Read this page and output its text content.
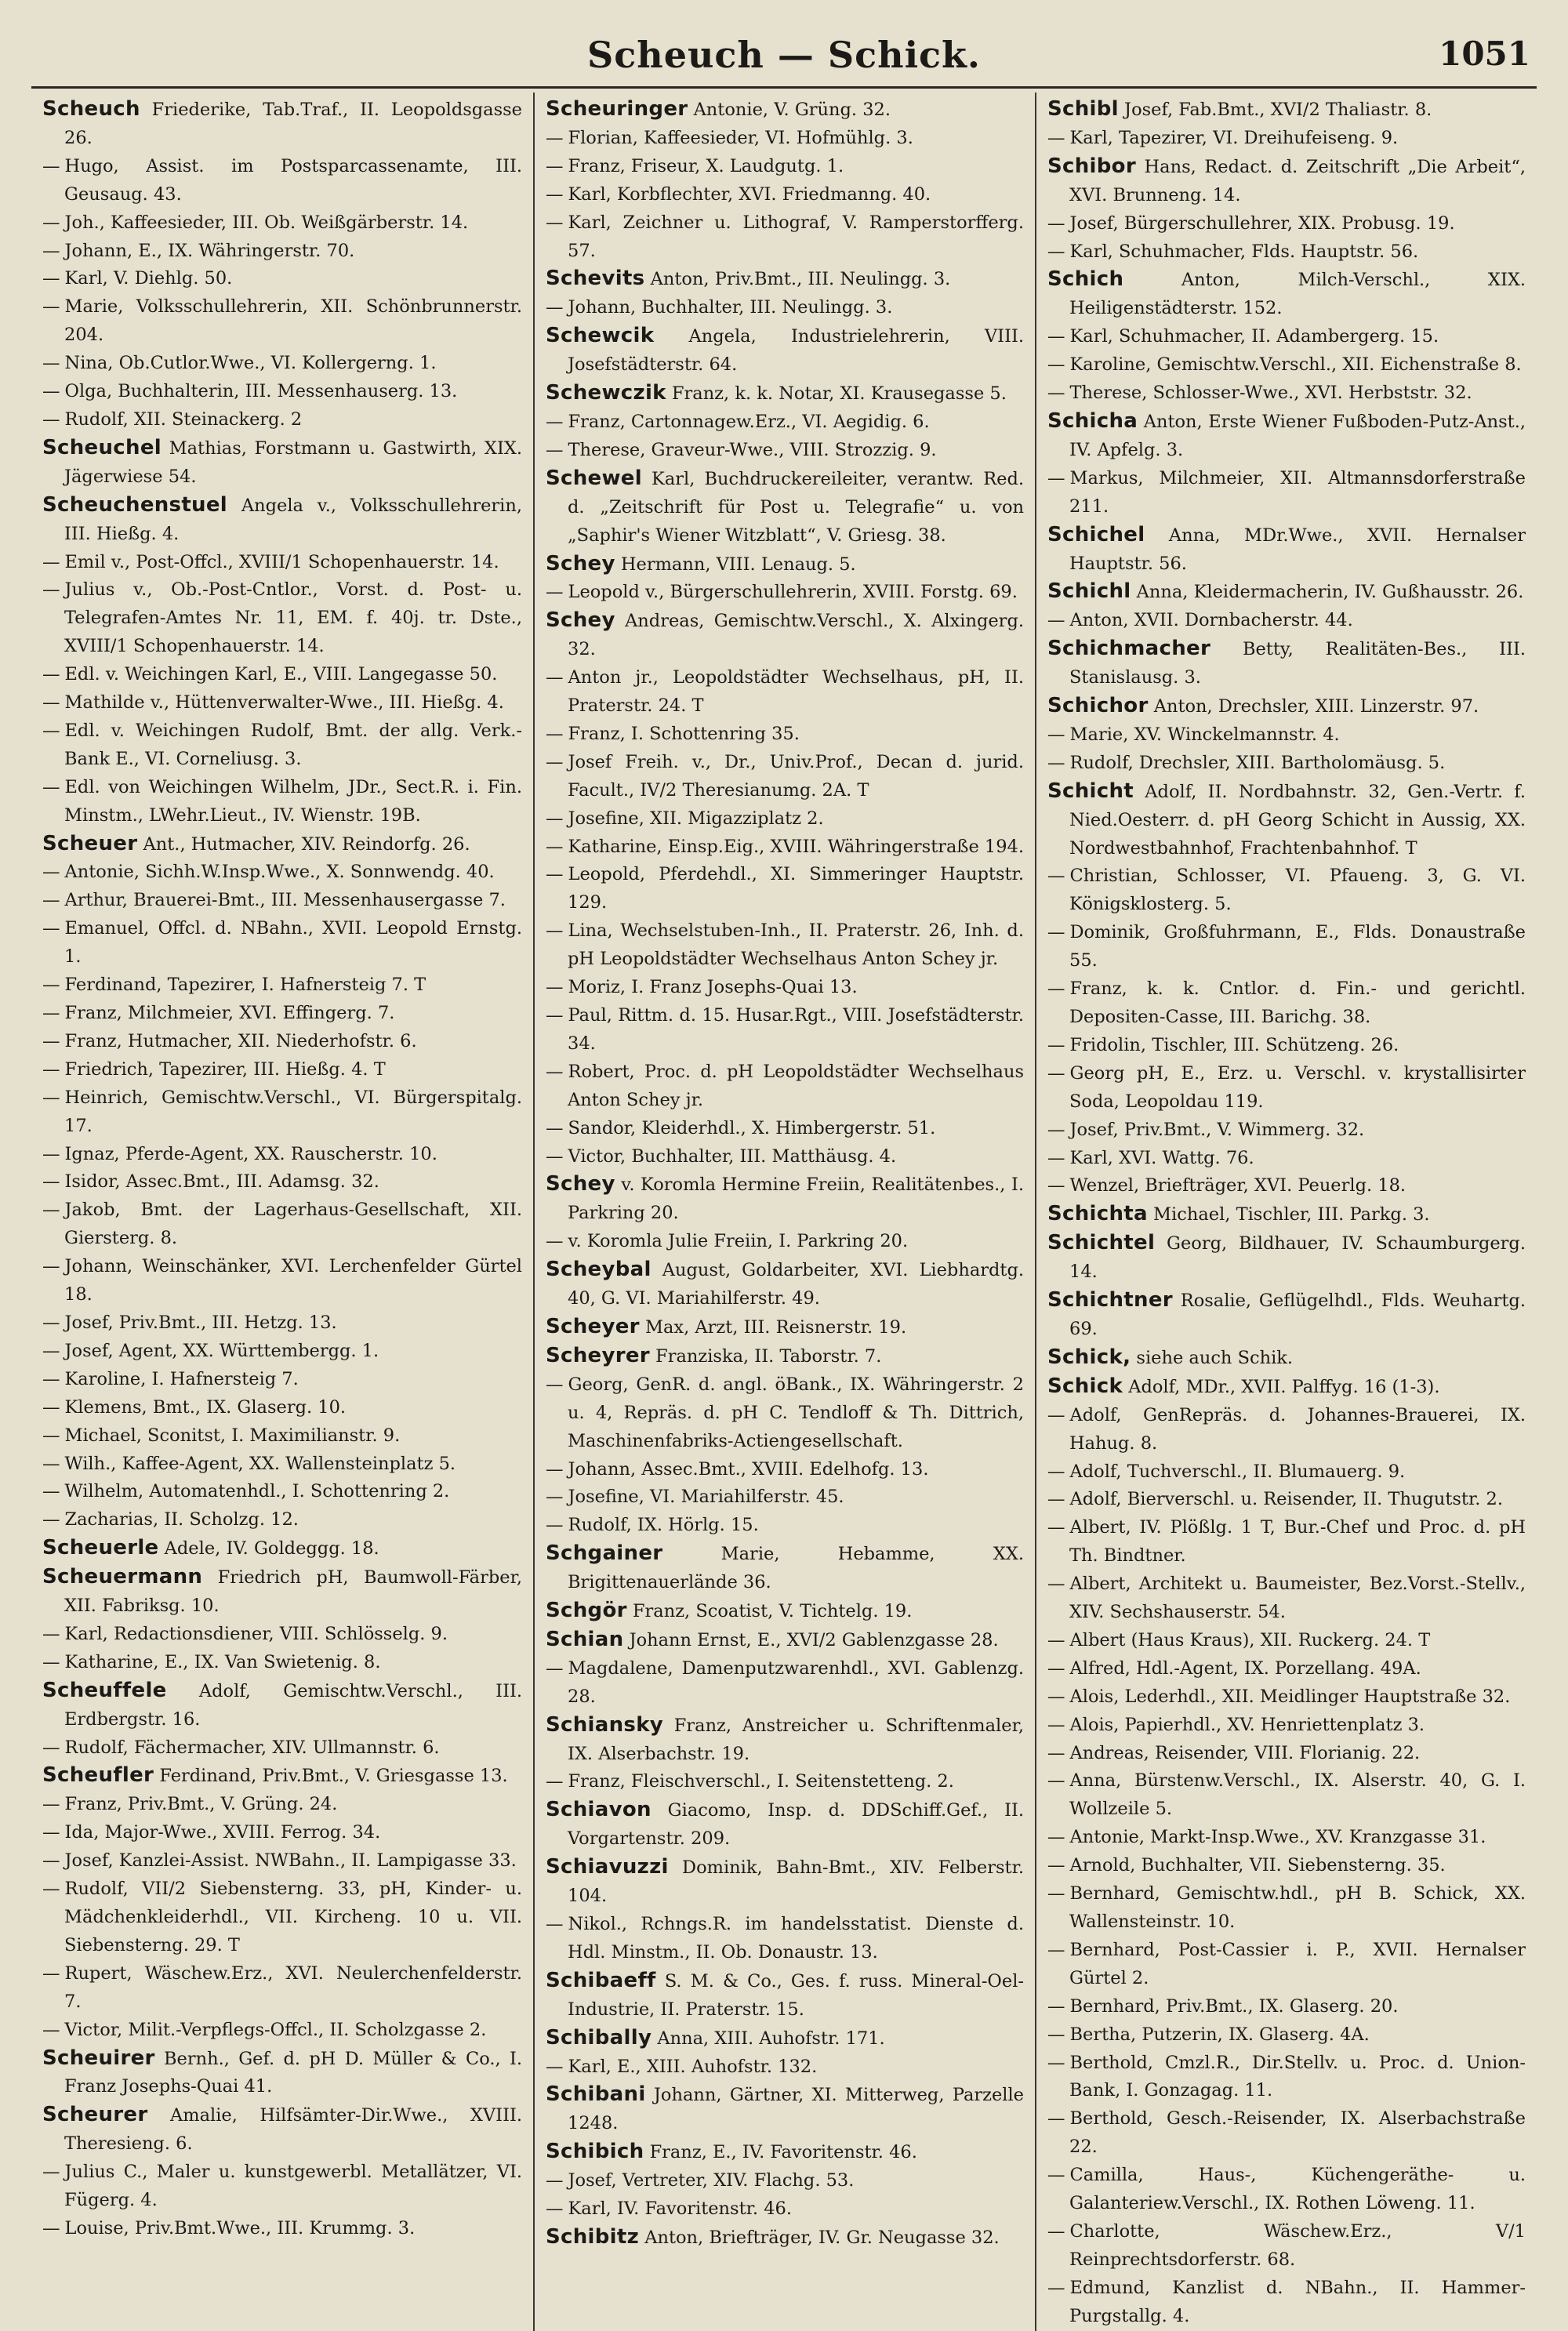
Scheuch — Schick.	1051
Scheuch Friederike, Tab.Traf., II. Leopoldsgasse 26.
— Hugo, Assist. im Postsparcassenamte, III. Geusaug. 43.
— Joh., Kaffeesieder, III. Ob. Weißgärberstr. 14.
— Johann, E., IX. Währingerstr. 70.
— Karl, V. Diehlg. 50.
— Marie, Volksschullehrerin, XII. Schönbrunnerstr. 204.
— Nina, Ob.Cutlor.Wwe., VI. Kollergerng. 1.
— Olga, Buchhalterin, III. Messenhauserg. 13.
— Rudolf, XII. Steinackerg. 2
Scheuchel Mathias, Forstmann u. Gastwirth, XIX. Jägerwiese 54.
Scheuchenstuel Angela v., Volksschullehrerin, III. Hießg. 4.
— Emil v., Post-Offcl., XVIII/1 Schopenhauerstr. 14.
— Julius v., Ob.-Post-Cntlor., Vorst. d. Post- u. Telegrafen-Amtes Nr. 11, EM. f. 40j. tr. Dste., XVIII/1 Schopenhauerstr. 14.
— Edl. v. Weichingen Karl, E., VIII. Langegasse 50.
— Mathilde v., Hüttenverwalter-Wwe., III. Hießg. 4.
— Edl. v. Weichingen Rudolf, Bmt. der allg. Verk.-Bank E., VI. Corneliusg. 3.
— Edl. von Weichingen Wilhelm, JDr., Sect.R. i. Fin. Minstm., LWehr.Lieut., IV. Wienstr. 19B.
Scheuer Ant., Hutmacher, XIV. Reindorfg. 26.
— Antonie, Sichh.W.Insp.Wwe., X. Sonnwendg. 40.
— Arthur, Brauerei-Bmt., III. Messenhausergasse 7.
— Emanuel, Offcl. d. NBahn., XVII. Leopold Ernstg. 1.
— Ferdinand, Tapezirer, I. Hafnersteig 7. T
— Franz, Milchmeier, XVI. Effingerg. 7.
— Franz, Hutmacher, XII. Niederhofstr. 6.
— Friedrich, Tapezirer, III. Hießg. 4. T
— Heinrich, Gemischtw.Verschl., VI. Bürgerspitalg. 17.
— Ignaz, Pferde-Agent, XX. Rauscherstr. 10.
— Isidor, Assec.Bmt., III. Adamsg. 32.
— Jakob, Bmt. der Lagerhaus-Gesellschaft, XII. Giersterg. 8.
— Johann, Weinschänker, XVI. Lerchenfelder Gürtel 18.
— Josef, Priv.Bmt., III. Hetzg. 13.
— Josef, Agent, XX. Württembergg. 1.
— Karoline, I. Hafnersteig 7.
— Klemens, Bmt., IX. Glaserg. 10.
— Michael, Sconitst, I. Maximilianstr. 9.
— Wilh., Kaffee-Agent, XX. Wallensteinplatz 5.
— Wilhelm, Automatenhdl., I. Schottenring 2.
— Zacharias, II. Scholzg. 12.
Scheuerle Adele, IV. Goldeggg. 18.
Scheuermann Friedrich pH, Baumwoll-Färber, XII. Fabriksg. 10.
— Karl, Redactionsdiener, VIII. Schlösselg. 9.
— Katharine, E., IX. Van Swietenig. 8.
Scheuffele Adolf, Gemischtw.Verschl., III. Erdbergstr. 16.
— Rudolf, Fächermacher, XIV. Ullmannstr. 6.
Scheufler Ferdinand, Priv.Bmt., V. Griesgasse 13.
— Franz, Priv.Bmt., V. Grüng. 24.
— Ida, Major-Wwe., XVIII. Ferrog. 34.
— Josef, Kanzlei-Assist. NWBahn., II. Lampigasse 33.
— Rudolf, VII/2 Siebensterng. 33, pH, Kinder- u. Mädchenkleiderhdl., VII. Kircheng. 10 u. VII. Siebensterng. 29. T
— Rupert, Wäschew.Erz., XVI. Neulerchenfelderstr. 7.
— Victor, Milit.-Verpflegs-Offcl., II. Scholzgasse 2.
Scheuirer Bernh., Gef. d. pH D. Müller & Co., I. Franz Josephs-Quai 41.
Scheurer Amalie, Hilfsämter-Dir.Wwe., XVIII. Theresieng. 6.
— Julius C., Maler u. kunstgewerbl. Metallätzer, VI. Fügerg. 4.
— Louise, Priv.Bmt.Wwe., III. Krummg. 3.
Scheuringer Antonie, V. Grüng. 32.
— Florian, Kaffeesieder, VI. Hofmühlg. 3.
— Franz, Friseur, X. Laudgutg. 1.
— Karl, Korbflechter, XVI. Friedmanng. 40.
— Karl, Zeichner u. Lithograf, V. Ramperstorfferg. 57.
Schevits Anton, Priv.Bmt., III. Neulingg. 3.
— Johann, Buchhalter, III. Neulingg. 3.
Schewcik Angela, Industrielehrerin, VIII. Josefstädterstr. 64.
Schewczik Franz, k. k. Notar, XI. Krausegasse 5.
— Franz, Cartonnagew.Erz., VI. Aegidig. 6.
— Therese, Graveur-Wwe., VIII. Strozzig. 9.
Schewel Karl, Buchdruckereileiter, verantw. Red. d. „Zeitschrift für Post u. Telegrafie“ u. von „Saphir's Wiener Witzblatt“, V. Griesg. 38.
Schey Hermann, VIII. Lenaug. 5.
— Leopold v., Bürgerschullehrerin, XVIII. Forstg. 69.
Schey Andreas, Gemischtw.Verschl., X. Alxingerg. 32.
— Anton jr., Leopoldstädter Wechselhaus, pH, II. Praterstr. 24. T
— Franz, I. Schottenring 35.
— Josef Freih. v., Dr., Univ.Prof., Decan d. jurid. Facult., IV/2 Theresianumg. 2A. T
— Josefine, XII. Migazziplatz 2.
— Katharine, Einsp.Eig., XVIII. Währingerstraße 194.
— Leopold, Pferdehdl., XI. Simmeringer Hauptstr. 129.
— Lina, Wechselstuben-Inh., II. Praterstr. 26, Inh. d. pH Leopoldstädter Wechselhaus Anton Schey jr.
— Moriz, I. Franz Josephs-Quai 13.
— Paul, Rittm. d. 15. Husar.Rgt., VIII. Josefstädterstr. 34.
— Robert, Proc. d. pH Leopoldstädter Wechselhaus Anton Schey jr.
— Sandor, Kleiderhdl., X. Himbergerstr. 51.
— Victor, Buchhalter, III. Matthäusg. 4.
Schey v. Koromla Hermine Freiin, Realitätenbes., I. Parkring 20.
— v. Koromla Julie Freiin, I. Parkring 20.
Scheybal August, Goldarbeiter, XVI. Liebhardtg. 40, G. VI. Mariahilferstr. 49.
Scheyer Max, Arzt, III. Reisnerstr. 19.
Scheyrer Franziska, II. Taborstr. 7.
— Georg, GenR. d. angl. öBank., IX. Währingerstr. 2 u. 4, Repräs. d. pH C. Tendloff & Th. Dittrich, Maschinenfabriks-Actiengesellschaft.
— Johann, Assec.Bmt., XVIII. Edelhofg. 13.
— Josefine, VI. Mariahilferstr. 45.
— Rudolf, IX. Hörlg. 15.
Schgainer	Marie, Hebamme, XX. Brigittenauerlände 36.
Schgör Franz, Scoatist, V. Tichtelg. 19.
Schian Johann Ernst, E., XVI/2 Gablenzgasse 28.
— Magdalene, Damenputzwarenhdl., XVI. Gablenzg. 28.
Schiansky Franz, Anstreicher u. Schriftenmaler, IX. Alserbachstr. 19.
— Franz, Fleischverschl., I. Seitenstetteng. 2.
Schiavon Giacomo, Insp. d. DDSchiff.Gef., II. Vorgartenstr. 209.
Schiavuzzi Dominik, Bahn-Bmt., XIV. Felberstr. 104.
— Nikol., Rchngs.R. im handelsstatist. Dienste d. Hdl. Minstm., II. Ob. Donaustr. 13.
Schibaeff S. M. & Co., Ges. f. russ. Mineral-Oel-Industrie, II. Praterstr. 15.
Schibally Anna, XIII. Auhofstr. 171.
— Karl, E., XIII. Auhofstr. 132.
Schibani Johann, Gärtner, XI. Mitterweg, Parzelle 1248.
Schibich Franz, E., IV. Favoritenstr. 46.
— Josef, Vertreter, XIV. Flachg. 53.
— Karl, IV. Favoritenstr. 46.
Schibitz Anton, Briefträger, IV. Gr. Neugasse 32.
Schibl Josef, Fab.Bmt., XVI/2 Thaliastr. 8.
— Karl, Tapezirer, VI. Dreihufeiseng. 9.
Schibor Hans, Redact. d. Zeitschrift „Die Arbeit“, XVI. Brunneng. 14.
— Josef, Bürgerschullehrer, XIX. Probusg. 19.
— Karl, Schuhmacher, Flds. Hauptstr. 56.
Schich	Anton, Milch-Verschl., XIX. Heiligenstädterstr. 152.
— Karl, Schuhmacher, II. Adambergerg. 15.
— Karoline, Gemischtw.Verschl., XII. Eichenstraße 8.
— Therese, Schlosser-Wwe., XVI. Herbststr. 32.
Schicha Anton, Erste Wiener Fußboden-Putz-Anst., IV. Apfelg. 3.
— Markus, Milchmeier, XII. Altmannsdorferstraße 211.
Schichel Anna, MDr.Wwe., XVII. Hernalser Hauptstr. 56.
Schichl Anna, Kleidermacherin, IV. Gußhausstr. 26.
— Anton, XVII. Dornbacherstr. 44.
Schichmacher Betty, Realitäten-Bes., III. Stanislausg. 3.
Schichor Anton, Drechsler, XIII. Linzerstr. 97.
— Marie, XV. Winckelmannstr. 4.
— Rudolf, Drechsler, XIII. Bartholomäusg. 5.
Schicht Adolf, II. Nordbahnstr. 32, Gen.-Vertr. f. Nied.Oesterr. d. pH Georg Schicht in Aussig, XX. Nordwestbahnhof, Frachtenbahnhof. T
— Christian, Schlosser, VI. Pfaueng. 3, G. VI. Königsklosterg. 5.
— Dominik, Großfuhrmann, E., Flds. Donaustraße 55.
— Franz, k. k. Cntlor. d. Fin.- und gerichtl. Depositen-Casse, III. Barichg. 38.
— Fridolin, Tischler, III. Schützeng. 26.
— Georg pH, E., Erz. u. Verschl. v. krystallisirter Soda, Leopoldau 119.
— Josef, Priv.Bmt., V. Wimmerg. 32.
— Karl, XVI. Wattg. 76.
— Wenzel, Briefträger, XVI. Peuerlg. 18.
Schichta Michael, Tischler, III. Parkg. 3.
Schichtel Georg, Bildhauer, IV. Schaumburgerg. 14.
Schichtner Rosalie, Geflügelhdl., Flds. Weuhartg. 69.
Schick, siehe auch Schik.
Schick Adolf, MDr., XVII. Palffyg. 16 (1-3).
— Adolf, GenRepräs. d. Johannes-Brauerei, IX. Hahug. 8.
— Adolf, Tuchverschl., II. Blumauerg. 9.
— Adolf, Bierverschl. u. Reisender, II. Thugutstr. 2.
— Albert, IV. Plößlg. 1 T, Bur.-Chef und Proc. d. pH Th. Bindtner.
— Albert, Architekt u. Baumeister, Bez.Vorst.-Stellv., XIV. Sechshauserstr. 54.
— Albert (Haus Kraus), XII. Ruckerg. 24. T
— Alfred, Hdl.-Agent, IX. Porzellang. 49A.
— Alois, Lederhdl., XII. Meidlinger Hauptstraße 32.
— Alois, Papierhdl., XV. Henriettenplatz 3.
— Andreas, Reisender, VIII. Florianig. 22.
— Anna, Bürstenw.Verschl., IX. Alserstr. 40, G. I. Wollzeile 5.
— Antonie, Markt-Insp.Wwe., XV. Kranzgasse 31.
— Arnold, Buchhalter, VII. Siebensterng. 35.
— Bernhard, Gemischtw.hdl., pH B. Schick, XX. Wallensteinstr. 10.
— Bernhard, Post-Cassier i. P., XVII. Hernalser Gürtel 2.
— Bernhard, Priv.Bmt., IX. Glaserg. 20.
— Bertha, Putzerin, IX. Glaserg. 4A.
— Berthold, Cmzl.R., Dir.Stellv. u. Proc. d. Union-Bank, I. Gonzagag. 11.
— Berthold, Gesch.-Reisender, IX. Alserbachstraße 22.
— Camilla, Haus-, Küchengeräthe- u. Galanteriew.Verschl., IX. Rothen Löweng. 11.
— Charlotte, Wäschew.Erz., V/1 Reinprechtsdorferstr. 68.
— Edmund, Kanzlist d. NBahn., II. Hammer-Purgstallg. 4.
